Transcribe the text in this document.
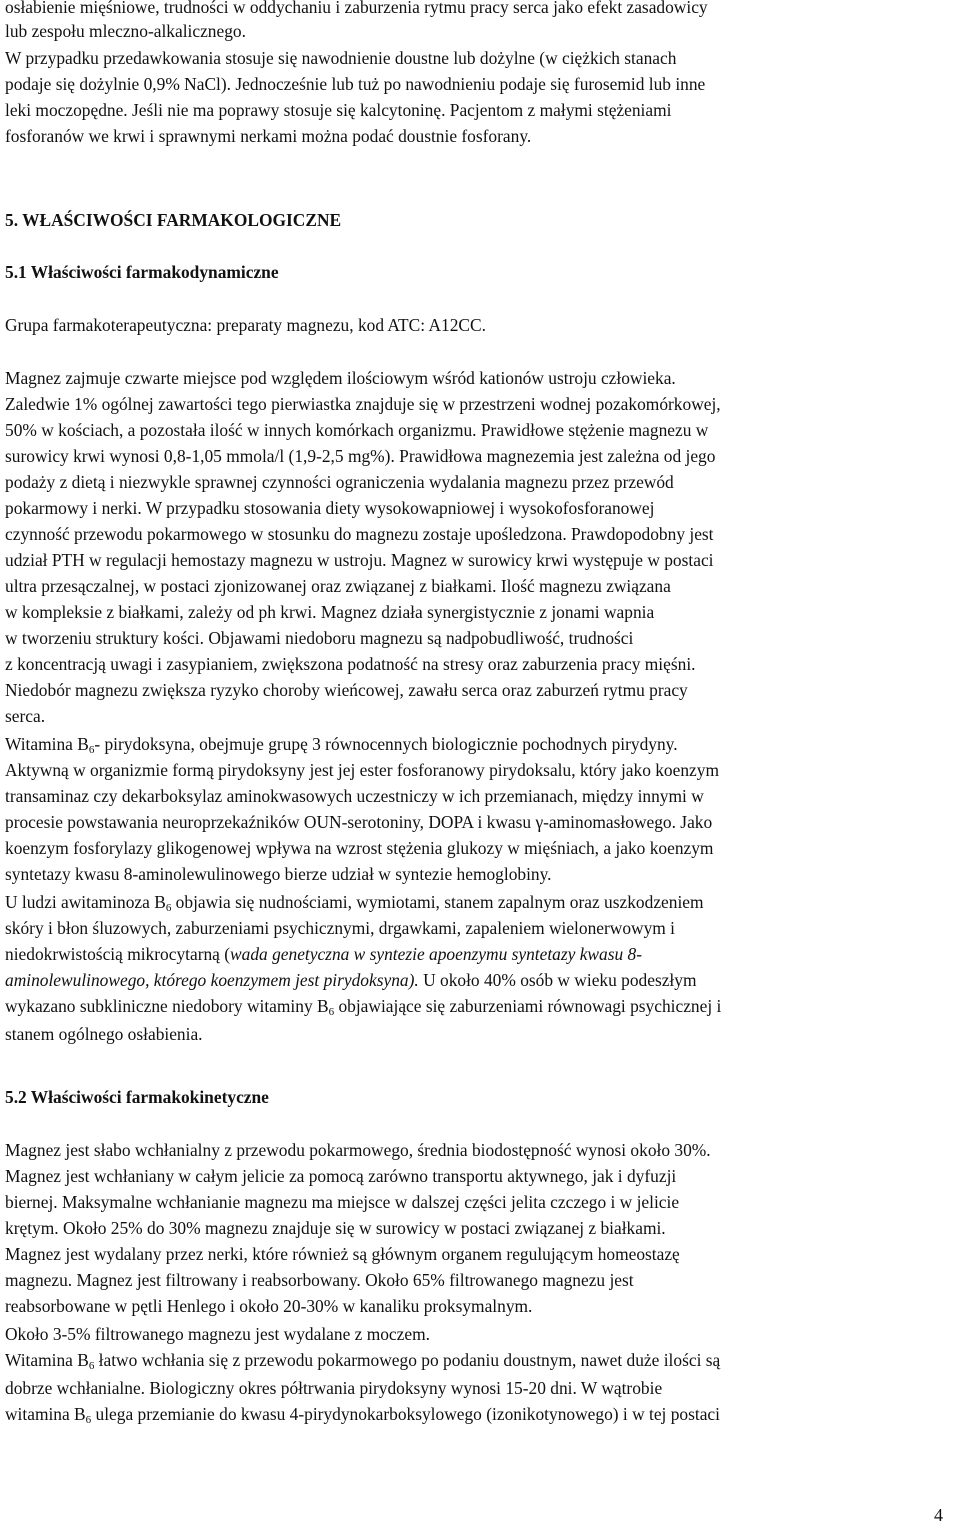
osłabienie mięśniowe, trudności w oddychaniu i zaburzenia rytmu pracy serca jako efekt zasadowicy
lub zespołu mleczno-alkalicznego.
W przypadku przedawkowania stosuje się nawodnienie doustne lub dożylne (w ciężkich stanach
podaje się dożylnie 0,9% NaCl). Jednocześnie lub tuż po nawodnieniu podaje się furosemid lub inne
leki moczopędne. Jeśli nie ma poprawy stosuje się kalcytoninę. Pacjentom z małymi stężeniami
fosforanów we krwi i sprawnymi nerkami można podać doustnie fosforany.
5. WŁAŚCIWOŚCI FARMAKOLOGICZNE
5.1 Właściwości farmakodynamiczne
Grupa farmakoterapeutyczna: preparaty magnezu, kod ATC: A12CC.
Magnez zajmuje czwarte miejsce pod względem ilościowym wśród kationów ustroju człowieka.
Zaledwie 1% ogólnej zawartości tego pierwiastka znajduje się w przestrzeni wodnej pozakomórkowej,
50% w kościach, a pozostała ilość w innych komórkach organizmu. Prawidłowe stężenie magnezu w
surowicy krwi wynosi 0,8-1,05 mmola/l (1,9-2,5 mg%). Prawidłowa magnezemia jest zależna od jego
podaży z dietą i niezwykle sprawnej czynności ograniczenia wydalania magnezu przez przewód
pokarmowy i nerki. W przypadku stosowania diety wysokowapniowej i wysokofosforanowej
czynność przewodu pokarmowego w stosunku do magnezu zostaje upośledzona. Prawdopodobny jest
udział PTH w regulacji hemostazy magnezu w ustroju. Magnez w surowicy krwi występuje w postaci
ultra przesączalnej, w postaci zjonizowanej oraz związanej z białkami. Ilość magnezu związana
w kompleksie z białkami, zależy od ph krwi. Magnez działa synergistycznie z jonami wapnia
w tworzeniu struktury kości. Objawami niedoboru magnezu są nadpobudliwość, trudności
z koncentracją uwagi i zasypianiem, zwiększona podatność na stresy oraz zaburzenia pracy mięśni.
Niedobór magnezu zwiększa ryzyko choroby wieńcowej, zawału serca oraz zaburzeń rytmu pracy
serca.
Witamina $B_6-$ pirydoksyna, obejmuje grupę 3 równocennych biologicznie pochodnych pirydyny.
Aktywną w organizmie formą pirydoksyny jest jej ester fosforanowy pirydoksalu, który jako koenzym
transaminaz czy dekarboksylaz aminokwasowych uczestniczy w ich przemianach, między innymi w
procesie powstawania neuroprzekaźników OUN-serotoniny, DOPA i kwasu γ-aminomasłowego. Jako
koenzym fosforylazy glikogenowej wpływa na wzrost stężenia glukozy w mięśniach, a jako koenzym
syntetazy kwasu 8-aminolewulinowego bierze udział w syntezie hemoglobiny.
U ludzi awitaminoza $B_6$ objawia się nudnościami, wymiotami, stanem zapalnym oraz uszkodzeniem
skóry i błon śluzowych, zaburzeniami psychicznymi, drgawkami, zapaleniem wielonerwowym i
niedokrwistością mikrocytarną (wada genetyczna w syntezie apoenzymu syntetazy kwasu 8-
aminolewulinowego, którego koenzymem jest pirydoksyna). U około 40% osób w wieku podeszłym
wykazano subkliniczne niedobory witaminy $B_6$ objawiające się zaburzeniami równowagi psychicznej i
stanem ogólnego osłabienia.
5.2 Właściwości farmakokinetyczne
Magnez jest słabo wchłanialny z przewodu pokarmowego, średnia biodostępność wynosi około 30%.
Magnez jest wchłaniany w całym jelicie za pomocą zarówno transportu aktywnego, jak i dyfuzji
biernej. Maksymalne wchłanianie magnezu ma miejsce w dalszej części jelita czczego i w jelicie
krętym. Około 25% do 30% magnezu znajduje się w surowicy w postaci związanej z białkami.
Magnez jest wydalany przez nerki, które również są głównym organem regulującym homeostazę
magnezu. Magnez jest filtrowany i reabsorbowany. Około 65% filtrowanego magnezu jest
reabsorbowane w pętli Henlego i około 20-30% w kanaliku proksymalnym.
Około 3-5% filtrowanego magnezu jest wydalane z moczem.
Witamina $B_6$ łatwo wchłania się z przewodu pokarmowego po podaniu doustnym, nawet duże ilości są
dobrze wchłanialne. Biologiczny okres półtrwania pirydoksyny wynosi 15-20 dni. W wątrobie
witamina $B_6$ ulega przemianie do kwasu 4-pirydynokarboksylowego (izonikotynowego) i w tej postaci
4
